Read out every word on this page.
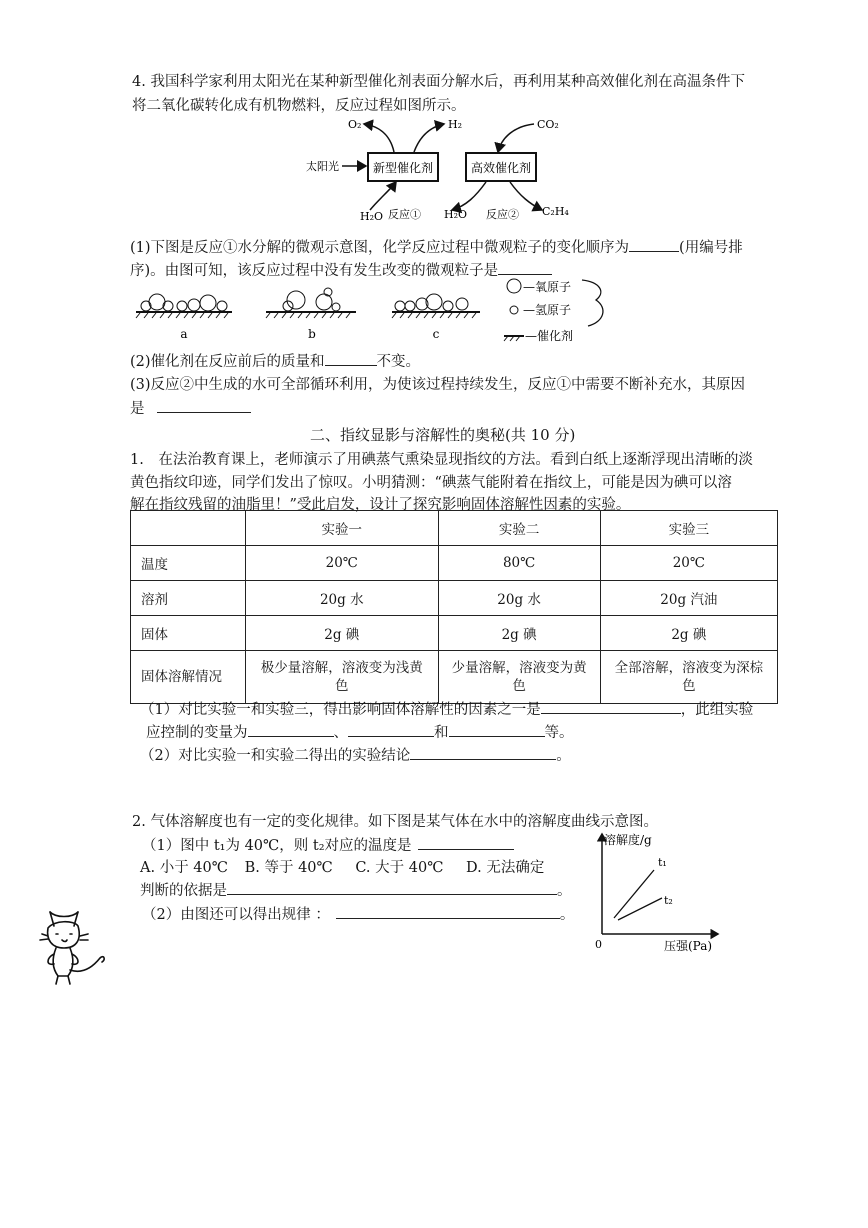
4. 我国科学家利用太阳光在某种新型催化剂表面分解水后，再利用某种高效催化剂在高温条件下
将二氧化碳转化成有机物燃料，反应过程如图所示。
新型催化剂	高效催化剂
O₂	H₂	CO₂
太阳光
H₂O 反应① H₂O 反应② C₂H₄
(1)下图是反应①水分解的微观示意图，化学反应过程中微观粒子的变化顺序为	(用编号排
序)。由图可知，该反应过程中没有发生改变的微观粒子是
a	b	c
—氧原子
—氢原子
—催化剂
(2)催化剂在反应前后的质量和	不变。
(3)反应②中生成的水可全部循环利用，为使该过程持续发生，反应①中需要不断补充水，其原因
是
二、指纹显影与溶解性的奥秘(共 10 分)
1.　在法治教育课上，老师演示了用碘蒸气熏染显现指纹的方法。看到白纸上逐渐浮现出清晰的淡
黄色指纹印迹，同学们发出了惊叹。小明猜测：“碘蒸气能附着在指纹上，可能是因为碘可以溶
解在指纹残留的油脂里！”受此启发，设计了探究影响固体溶解性因素的实验。
	实验一	实验二	实验三
温度	20℃	80℃	20℃
溶剂	20g 水	20g 水	20g 汽油
固体	2g 碘	2g 碘	2g 碘
固体溶解情况	极少量溶解，溶液变为浅黄
色	少量溶解，溶液变为黄
色	全部溶解，溶液变为深棕
色
（1）对比实验一和实验三，得出影响固体溶解性的因素之一是	，此组实验
应控制的变量为	、	和	等。
（2）对比实验一和实验二得出的实验结论	。
2. 气体溶解度也有一定的变化规律。如下图是某气体在水中的溶解度曲线示意图。
（1）图中 t₁为 40℃，则 t₂对应的温度是
A. 小于 40℃ B. 等于 40℃ C. 大于 40℃ D. 无法确定
判断的依据是	。
（2）由图还可以得出规律 ：	。
溶解度/g
压强(Pa)
0
t₁
t₂
